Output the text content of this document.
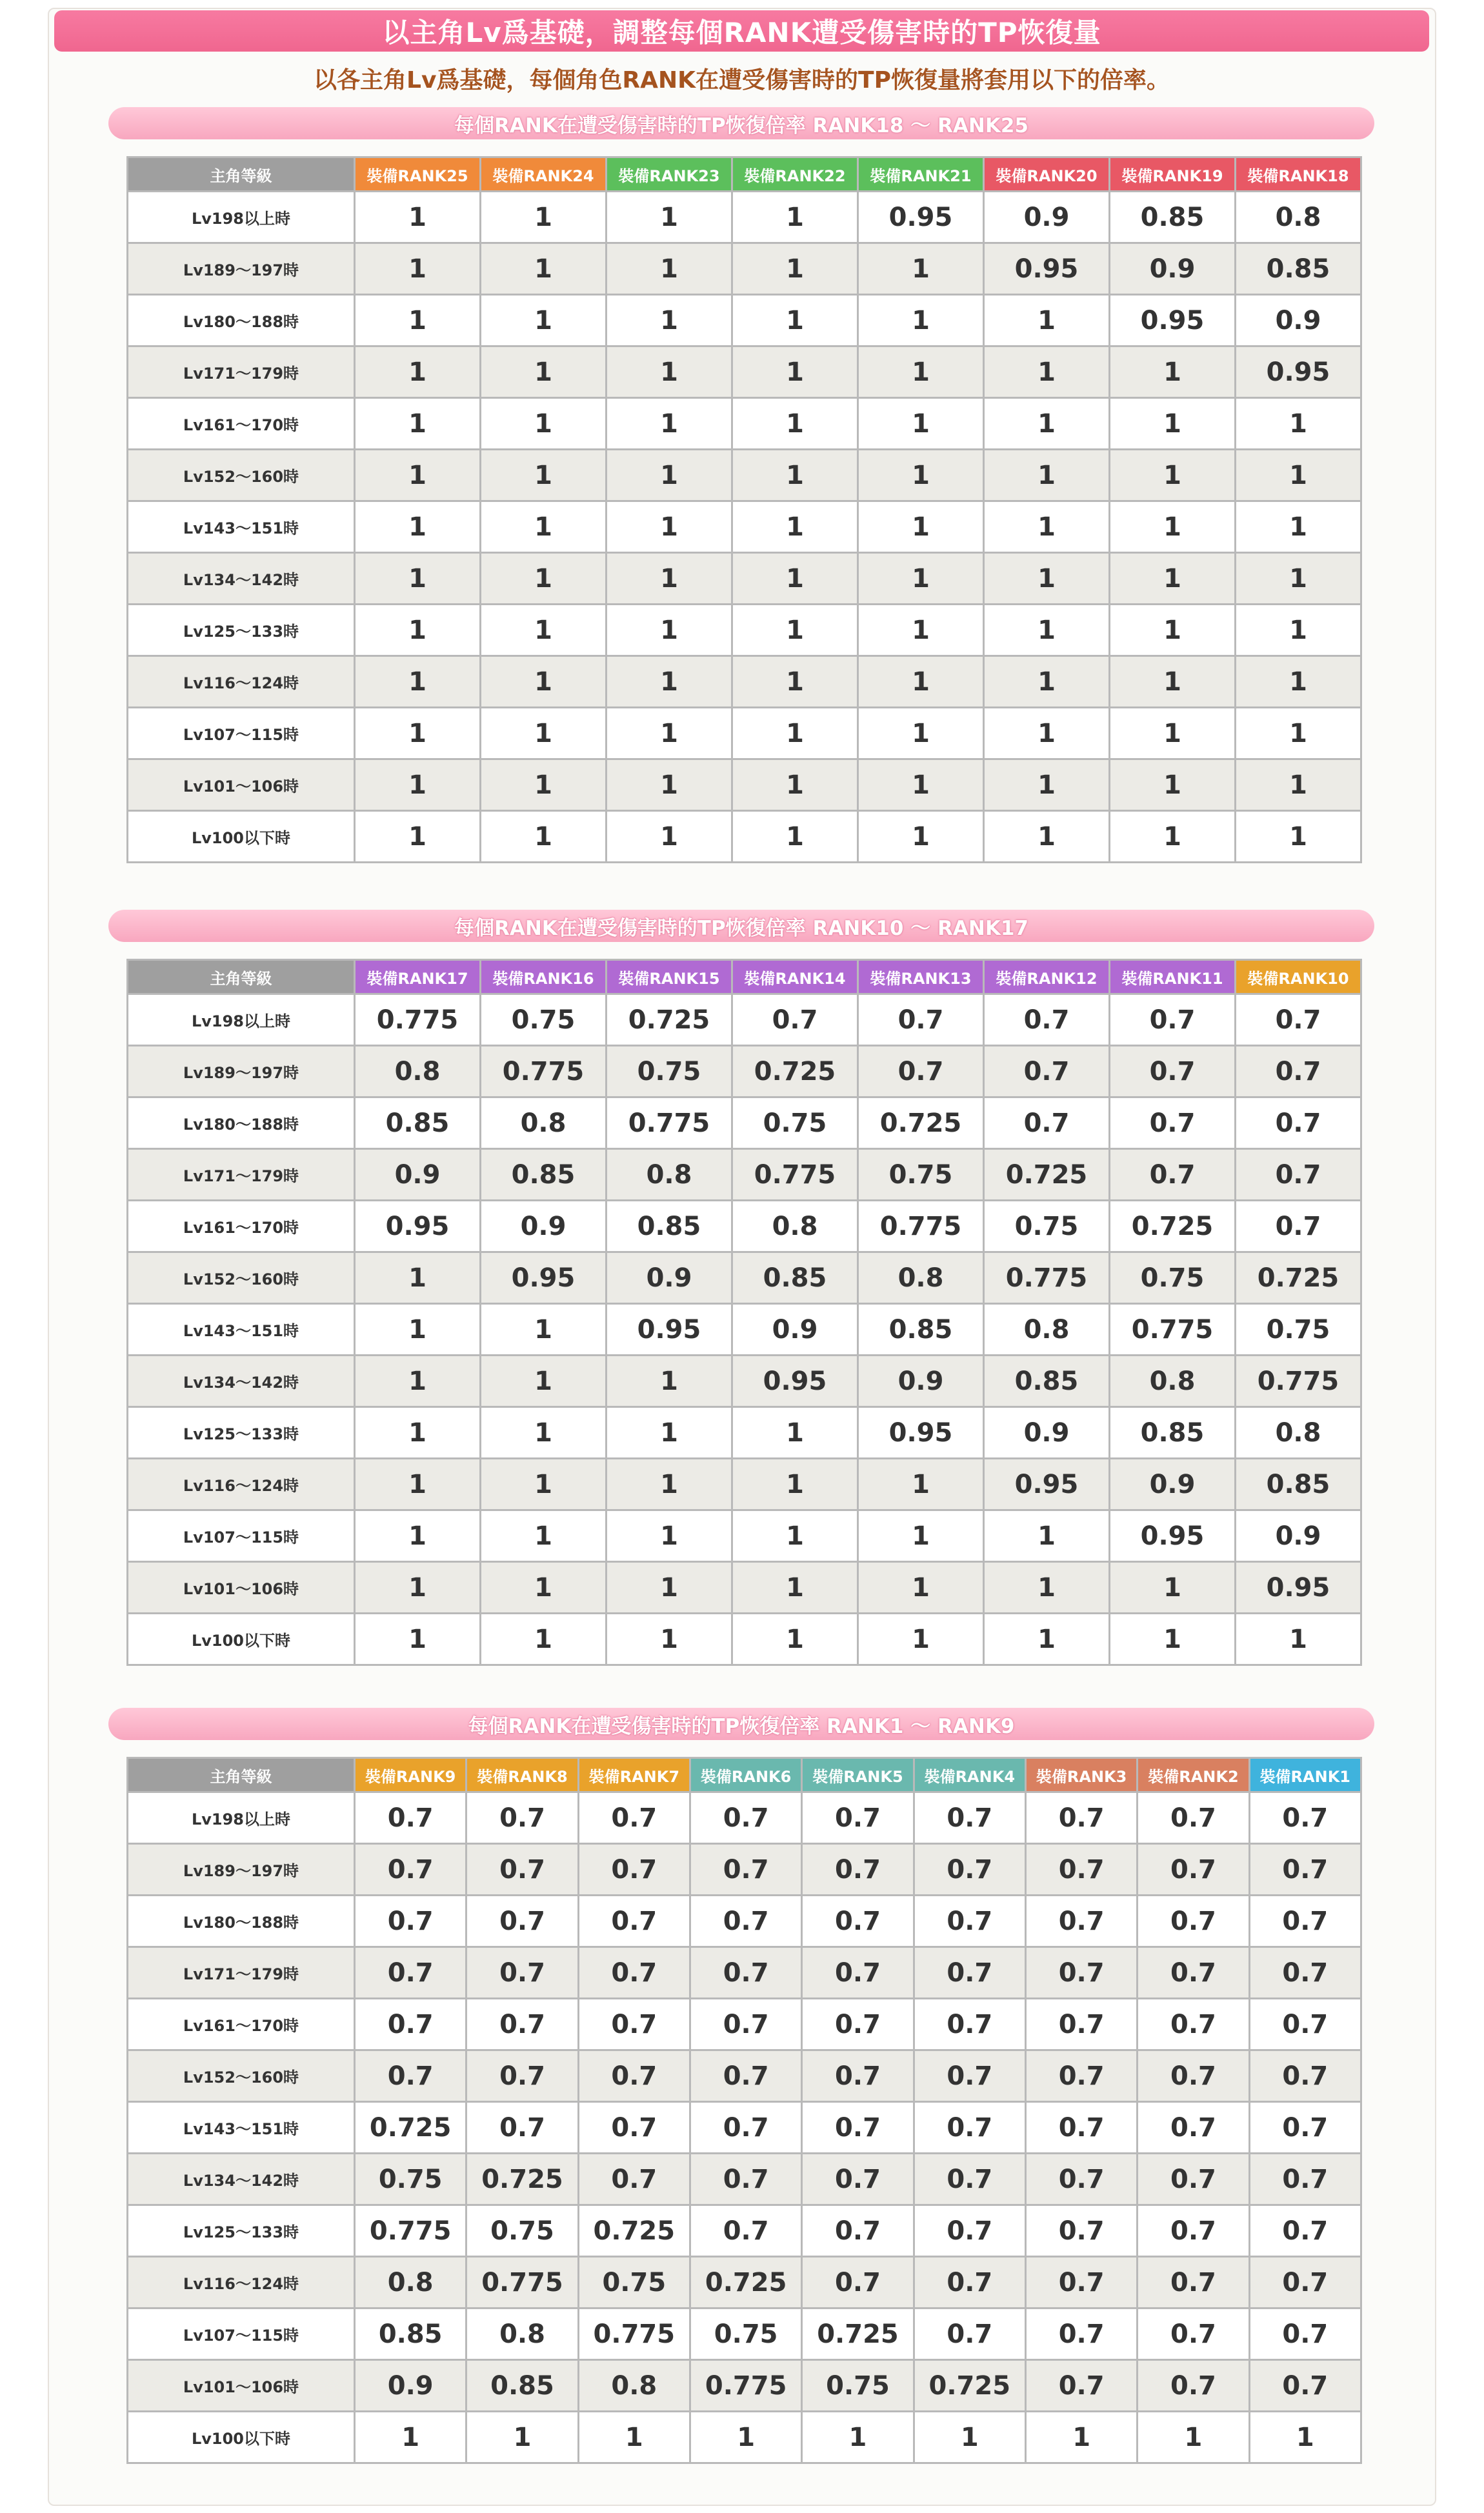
以主角Lv爲基礎，調整每個RANK遭受傷害時的TP恢復量
以各主角Lv爲基礎，每個角色RANK在遭受傷害時的TP恢復量將套用以下的倍率。
每個RANK在遭受傷害時的TP恢復倍率 RANK18 ～ RANK25
主角等級	裝備RANK25	裝備RANK24	裝備RANK23	裝備RANK22	裝備RANK21	裝備RANK20	裝備RANK19	裝備RANK18
Lv198以上時	1	1	1	1	0.95	0.9	0.85	0.8
Lv189～197時	1	1	1	1	1	0.95	0.9	0.85
Lv180～188時	1	1	1	1	1	1	0.95	0.9
Lv171～179時	1	1	1	1	1	1	1	0.95
Lv161～170時	1	1	1	1	1	1	1	1
Lv152～160時	1	1	1	1	1	1	1	1
Lv143～151時	1	1	1	1	1	1	1	1
Lv134～142時	1	1	1	1	1	1	1	1
Lv125～133時	1	1	1	1	1	1	1	1
Lv116～124時	1	1	1	1	1	1	1	1
Lv107～115時	1	1	1	1	1	1	1	1
Lv101～106時	1	1	1	1	1	1	1	1
Lv100以下時	1	1	1	1	1	1	1	1
每個RANK在遭受傷害時的TP恢復倍率 RANK10 ～ RANK17
主角等級	裝備RANK17	裝備RANK16	裝備RANK15	裝備RANK14	裝備RANK13	裝備RANK12	裝備RANK11	裝備RANK10
Lv198以上時	0.775	0.75	0.725	0.7	0.7	0.7	0.7	0.7
Lv189～197時	0.8	0.775	0.75	0.725	0.7	0.7	0.7	0.7
Lv180～188時	0.85	0.8	0.775	0.75	0.725	0.7	0.7	0.7
Lv171～179時	0.9	0.85	0.8	0.775	0.75	0.725	0.7	0.7
Lv161～170時	0.95	0.9	0.85	0.8	0.775	0.75	0.725	0.7
Lv152～160時	1	0.95	0.9	0.85	0.8	0.775	0.75	0.725
Lv143～151時	1	1	0.95	0.9	0.85	0.8	0.775	0.75
Lv134～142時	1	1	1	0.95	0.9	0.85	0.8	0.775
Lv125～133時	1	1	1	1	0.95	0.9	0.85	0.8
Lv116～124時	1	1	1	1	1	0.95	0.9	0.85
Lv107～115時	1	1	1	1	1	1	0.95	0.9
Lv101～106時	1	1	1	1	1	1	1	0.95
Lv100以下時	1	1	1	1	1	1	1	1
每個RANK在遭受傷害時的TP恢復倍率 RANK1 ～ RANK9
主角等級	裝備RANK9	裝備RANK8	裝備RANK7	裝備RANK6	裝備RANK5	裝備RANK4	裝備RANK3	裝備RANK2	裝備RANK1
Lv198以上時	0.7	0.7	0.7	0.7	0.7	0.7	0.7	0.7	0.7
Lv189～197時	0.7	0.7	0.7	0.7	0.7	0.7	0.7	0.7	0.7
Lv180～188時	0.7	0.7	0.7	0.7	0.7	0.7	0.7	0.7	0.7
Lv171～179時	0.7	0.7	0.7	0.7	0.7	0.7	0.7	0.7	0.7
Lv161～170時	0.7	0.7	0.7	0.7	0.7	0.7	0.7	0.7	0.7
Lv152～160時	0.7	0.7	0.7	0.7	0.7	0.7	0.7	0.7	0.7
Lv143～151時	0.725	0.7	0.7	0.7	0.7	0.7	0.7	0.7	0.7
Lv134～142時	0.75	0.725	0.7	0.7	0.7	0.7	0.7	0.7	0.7
Lv125～133時	0.775	0.75	0.725	0.7	0.7	0.7	0.7	0.7	0.7
Lv116～124時	0.8	0.775	0.75	0.725	0.7	0.7	0.7	0.7	0.7
Lv107～115時	0.85	0.8	0.775	0.75	0.725	0.7	0.7	0.7	0.7
Lv101～106時	0.9	0.85	0.8	0.775	0.75	0.725	0.7	0.7	0.7
Lv100以下時	1	1	1	1	1	1	1	1	1
